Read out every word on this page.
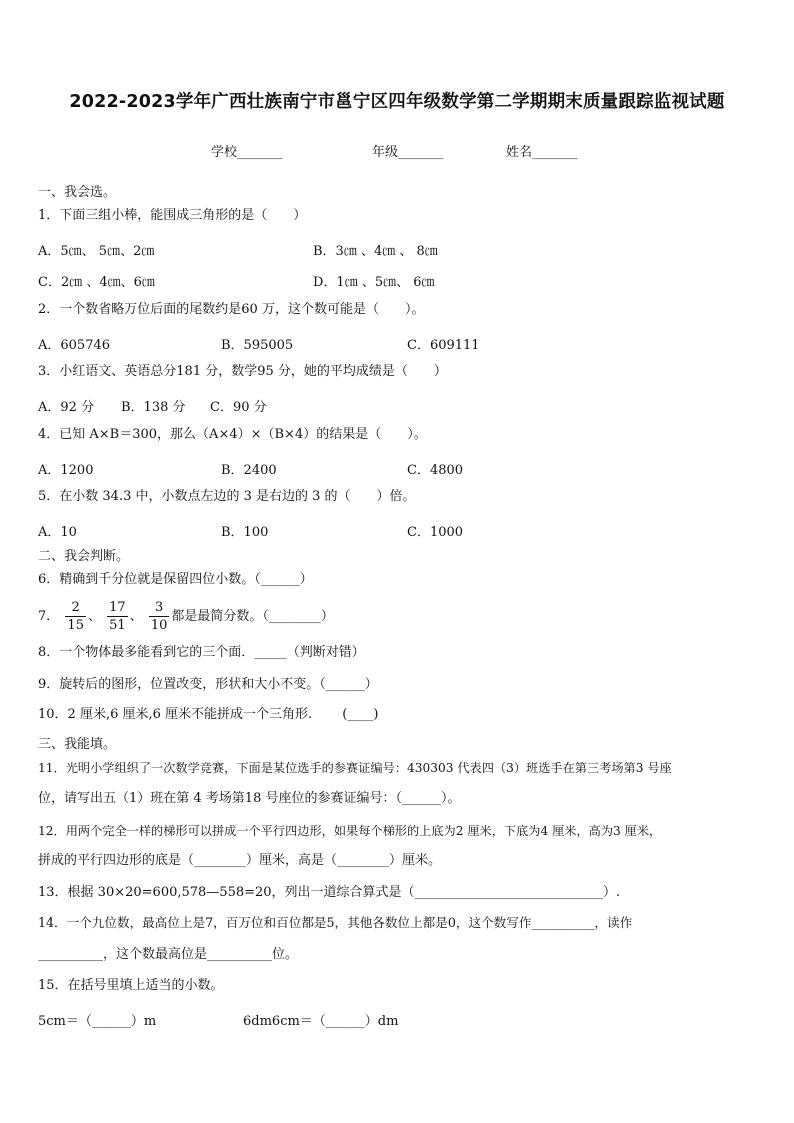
2022-2023学年广西壮族南宁市邕宁区四年级数学第二学期期末质量跟踪监视试题
学校_______	年级_______	姓名_______
一、我会选。
1．下面三组小棒，能围成三角形的是（　　）
A．5㎝、 5㎝、2㎝	B．3㎝ 、4㎝ 、 8㎝
C．2㎝ 、4㎝、6㎝	D．1㎝ 、5㎝、 6㎝
2．一个数省略万位后面的尾数约是60 万，这个数可能是（　　）。
A．605746	B．595005	C．609111
3．小红语文、英语总分181 分，数学95 分，她的平均成绩是（　　）
A．92 分 B．138 分 C．90 分
4．已知 A×B＝300，那么（A×4）×（B×4）的结果是（　　）。
A．1200	B．2400	C．4800
5．在小数 34.3 中，小数点左边的 3 是右边的 3 的（　　）倍。
A．10	B．100	C．1000
二、我会判断。
6．精确到千分位就是保留四位小数。（______）
7． $\frac{2}{15}$ 、 $\frac{17}{51}$ 、 $\frac{3}{10}$ 都是最简分数。（________）
8．一个物体最多能看到它的三个面．_____（判断对错）
9．旋转后的图形，位置改变，形状和大小不变。（______）
10．2 厘米,6 厘米,6 厘米不能拼成一个三角形.　　 (____)
三、我能填。
11．光明小学组织了一次数学竞赛，下面是某位选手的参赛证编号：430303 代表四（3）班选手在第三考场第3 号座
位，请写出五（1）班在第 4 考场第18 号座位的参赛证编号：（______）。
12．用两个完全一样的梯形可以拼成一个平行四边形，如果每个梯形的上底为2 厘米，下底为4 厘米，高为3 厘米，
拼成的平行四边形的底是（________）厘米，高是（________）厘米。
13．根据 30×20=600,578—558=20，列出一道综合算式是（_____________________________）.
14．一个九位数，最高位上是7，百万位和百位都是5，其他各数位上都是0，这个数写作__________，读作
__________，这个数最高位是__________位。
15．在括号里填上适当的小数。
5cm＝（______）m	6dm6cm＝（______）dm
